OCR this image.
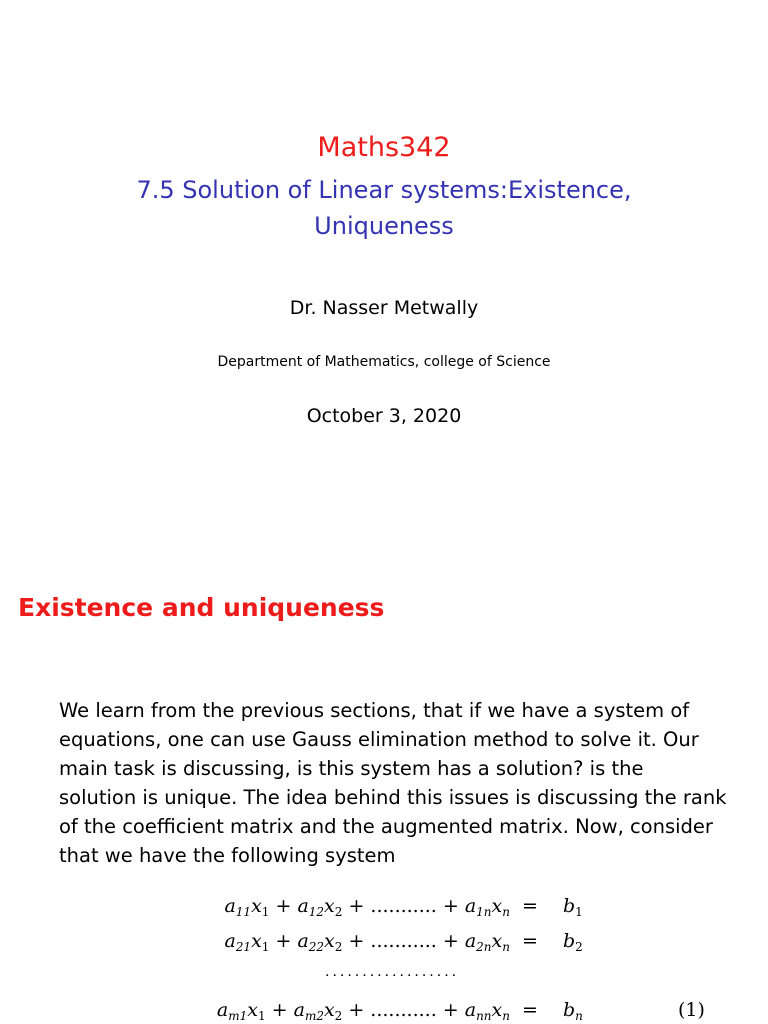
Maths342
7.5 Solution of Linear systems:Existence, Uniqueness
Dr. Nasser Metwally
Department of Mathematics, college of Science
October 3, 2020
Existence and uniqueness
We learn from the previous sections, that if we have a system of
equations, one can use Gauss elimination method to solve it. Our
main task is discussing, is this system has a solution? is the
solution is unique. The idea behind this issues is discussing the rank
of the coefficient matrix and the augmented matrix. Now, consider
that we have the following system
$a_{11}x_1 + a_{12}x_2$ + ........... + $a_{1n}x_n = b_1$
$a_{21}x_1 + a_{22}x_2$ + ........... + $a_{2n}x_n = b_2$
..................
$a_{m1}x_1 + a_{m2}x_2$ + ........... + $a_{nn}x_n = b_n$	(1)
